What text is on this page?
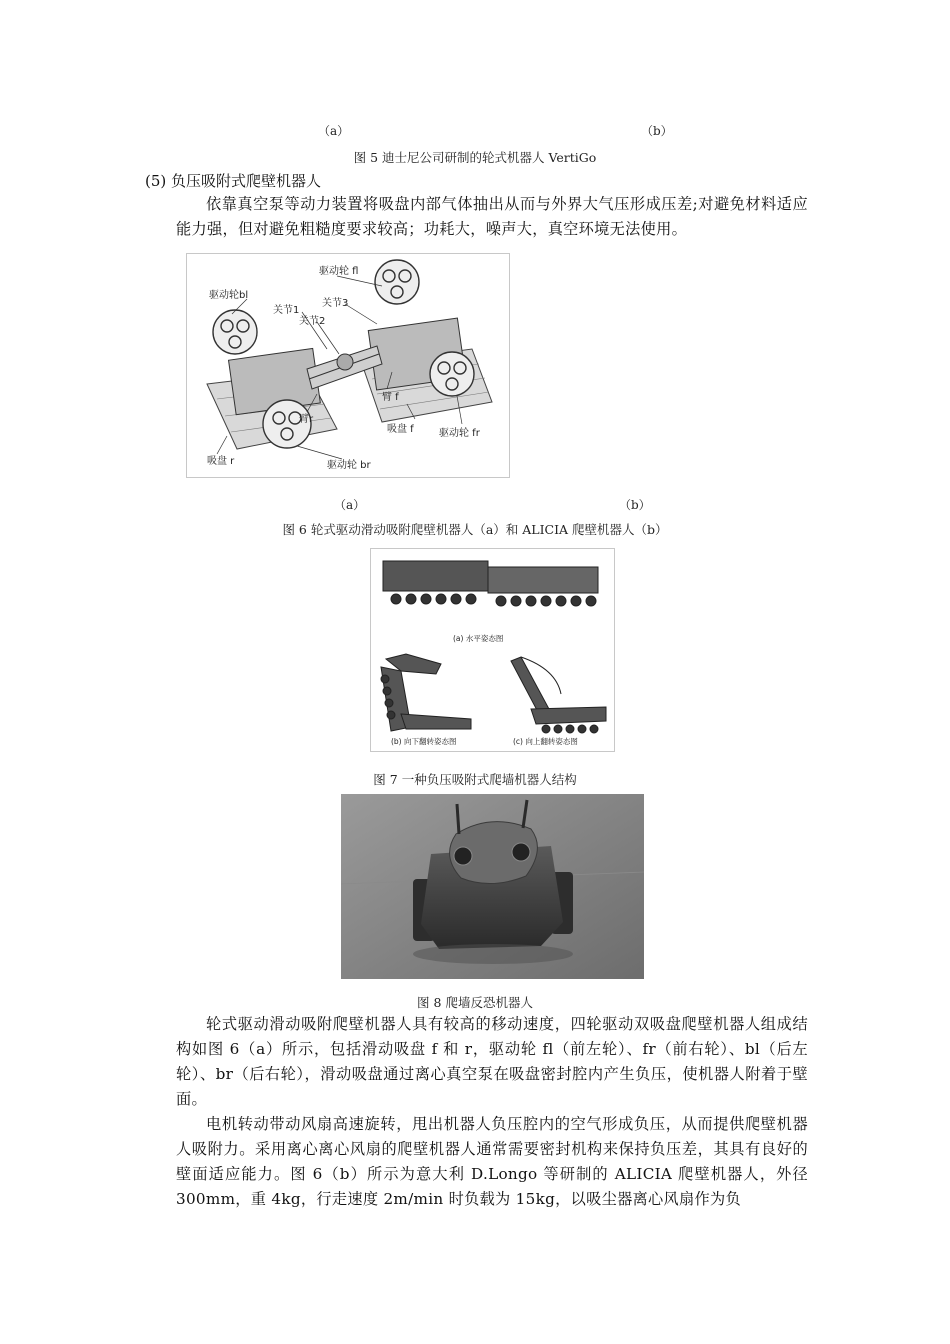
（a）	（b）
图 5 迪士尼公司研制的轮式机器人 VertiGo
(5) 负压吸附式爬壁机器人
依靠真空泵等动力装置将吸盘内部气体抽出从而与外界大气压形成压差;对避免材料适应能力强，但对避免粗糙度要求较高；功耗大，噪声大，真空环境无法使用。
驱动轮 fl
驱动轮bl
关节3
关节1
关节2
臂 f
臂r
吸盘 f	驱动轮 fr
吸盘 r	驱动轮 br
（a）	（b）
图 6 轮式驱动滑动吸附爬壁机器人（a）和 ALICIA 爬壁机器人（b）
(a) 水平姿态图
(b) 向下翻转姿态图	(c) 向上翻转姿态图
图 7 一种负压吸附式爬墙机器人结构
图 8 爬墙反恐机器人
轮式驱动滑动吸附爬壁机器人具有较高的移动速度，四轮驱动双吸盘爬壁机器人组成结构如图 6（a）所示，包括滑动吸盘 f 和 r，驱动轮 fl（前左轮）、fr（前右轮）、bl（后左轮）、br（后右轮），滑动吸盘通过离心真空泵在吸盘密封腔内产生负压，使机器人附着于壁面。
电机转动带动风扇高速旋转，甩出机器人负压腔内的空气形成负压，从而提供爬壁机器人吸附力。采用离心离心风扇的爬壁机器人通常需要密封机构来保持负压差，其具有良好的壁面适应能力。图 6（b）所示为意大利 D.Longo 等研制的 ALICIA 爬壁机器人，外径 300mm，重 4kg，行走速度 2m/min 时负载为 15kg，以吸尘器离心风扇作为负
